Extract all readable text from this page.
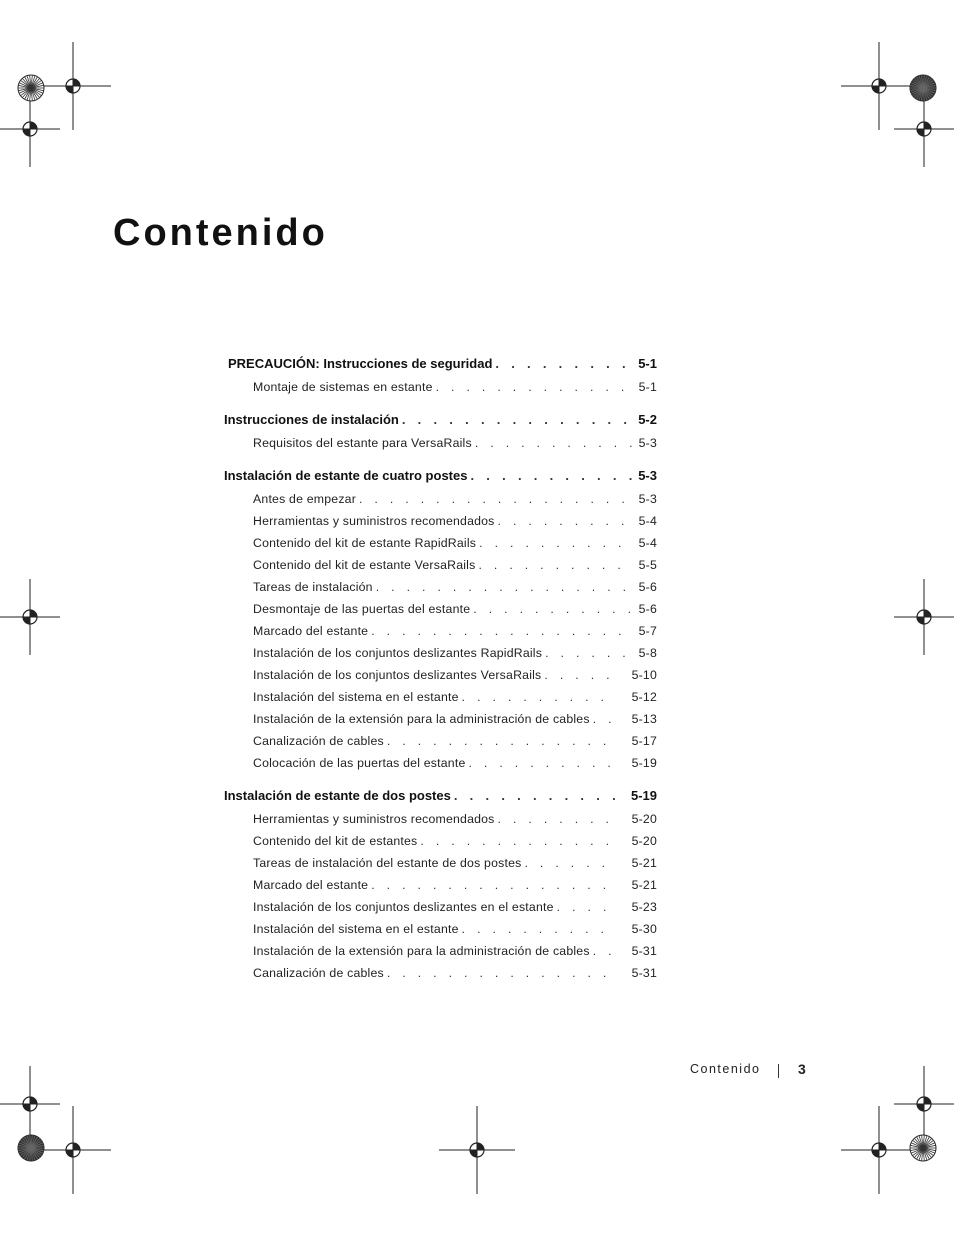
Contenido
PRECAUCIÓN: Instrucciones de seguridad . . .	5-1
Montaje de sistemas en estante . . .	5-1
Instrucciones de instalación . . .	5-2
Requisitos del estante para VersaRails . . .	5-3
Instalación de estante de cuatro postes . . .	5-3
Antes de empezar . . .	5-3
Herramientas y suministros recomendados . . .	5-4
Contenido del kit de estante RapidRails . . .	5-4
Contenido del kit de estante VersaRails . . .	5-5
Tareas de instalación . . .	5-6
Desmontaje de las puertas del estante . . .	5-6
Marcado del estante . . .	5-7
Instalación de los conjuntos deslizantes RapidRails . . .	5-8
Instalación de los conjuntos deslizantes VersaRails . . .	5-10
Instalación del sistema en el estante . . .	5-12
Instalación de la extensión para la administración de cables . . .	5-13
Canalización de cables . . .	5-17
Colocación de las puertas del estante . . .	5-19
Instalación de estante de dos postes . . .	5-19
Herramientas y suministros recomendados . . .	5-20
Contenido del kit de estantes . . .	5-20
Tareas de instalación del estante de dos postes . . .	5-21
Marcado del estante . . .	5-21
Instalación de los conjuntos deslizantes en el estante . . .	5-23
Instalación del sistema en el estante . . .	5-30
Instalación de la extensión para la administración de cables . . .	5-31
Canalización de cables . . .	5-31
Contenido	3
